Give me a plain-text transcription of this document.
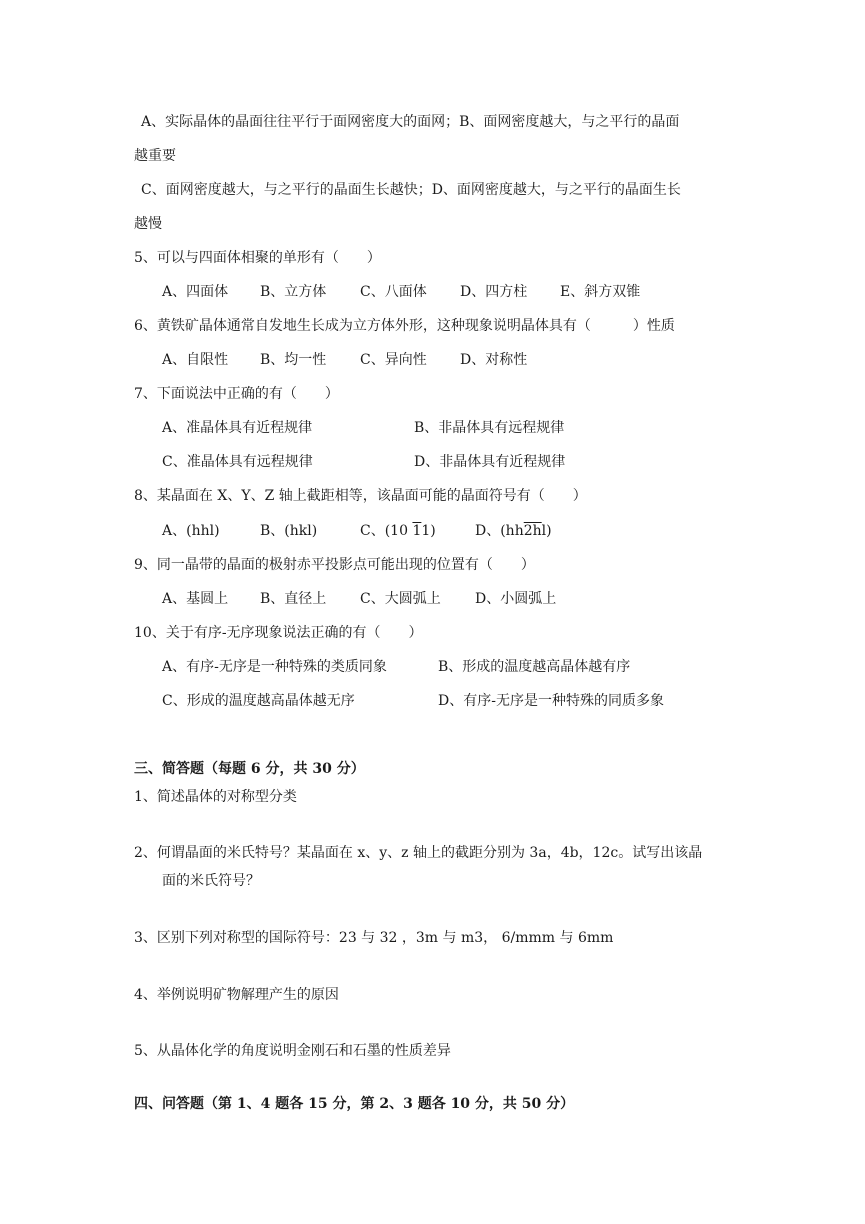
A、实际晶体的晶面往往平行于面网密度大的面网；B、面网密度越大，与之平行的晶面
越重要
C、面网密度越大，与之平行的晶面生长越快；D、面网密度越大，与之平行的晶面生长
越慢
5、可以与四面体相聚的单形有（　　）
A、四面体 B、立方体 C、八面体 D、四方柱 E、斜方双锥
6、黄铁矿晶体通常自发地生长成为立方体外形，这种现象说明晶体具有（　　　）性质
A、自限性 B、均一性 C、异向性 D、对称性
7、下面说法中正确的有（　　）
A、准晶体具有近程规律	B、非晶体具有远程规律
C、准晶体具有远程规律	D、非晶体具有近程规律
8、某晶面在 X、Y、Z 轴上截距相等，该晶面可能的晶面符号有（　　）
A、(hhl)	B、(hkl)	C、(10 11)	D、(hh2hl)
9、同一晶带的晶面的极射赤平投影点可能出现的位置有（　　）
A、基圆上 B、直径上 C、大圆弧上 D、小圆弧上
10、关于有序-无序现象说法正确的有（　　）
A、有序-无序是一种特殊的类质同象	B、形成的温度越高晶体越有序
C、形成的温度越高晶体越无序	D、有序-无序是一种特殊的同质多象
三、简答题（每题 6 分，共 30 分）
1、简述晶体的对称型分类
2、何谓晶面的米氏特号？某晶面在 x、y、z 轴上的截距分别为 3a，4b，12c。试写出该晶
面的米氏符号？
3、区别下列对称型的国际符号：23 与 32 ，3m 与 m3， 6/mmm 与 6mm
4、举例说明矿物解理产生的原因
5、从晶体化学的角度说明金刚石和石墨的性质差异
四、问答题（第 1、4 题各 15 分，第 2、3 题各 10 分，共 50 分）
